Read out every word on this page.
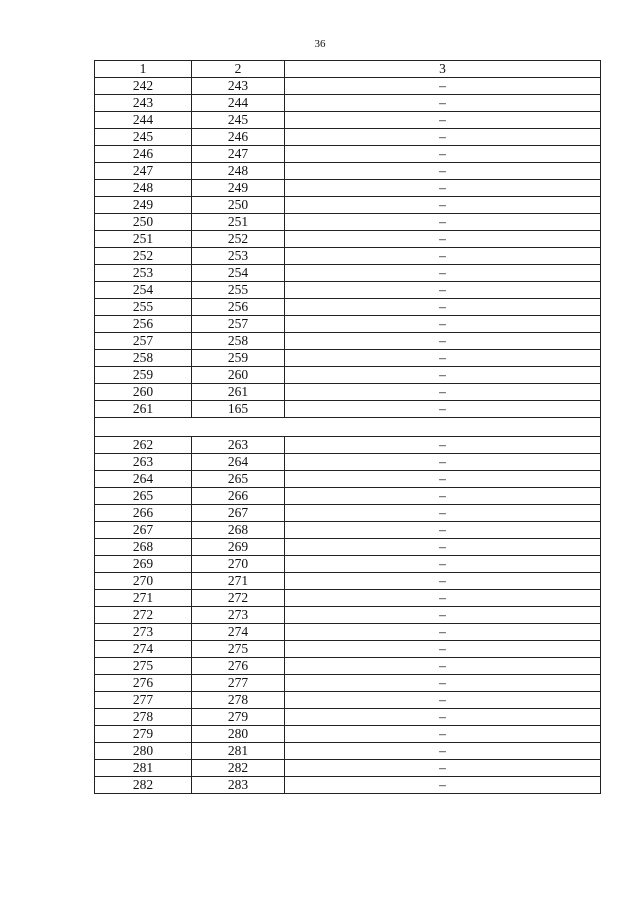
36
1	2	3
242	243	–
243	244	–
244	245	–
245	246	–
246	247	–
247	248	–
248	249	–
249	250	–
250	251	–
251	252	–
252	253	–
253	254	–
254	255	–
255	256	–
256	257	–
257	258	–
258	259	–
259	260	–
260	261	–
261	165	–

262	263	–
263	264	–
264	265	–
265	266	–
266	267	–
267	268	–
268	269	–
269	270	–
270	271	–
271	272	–
272	273	–
273	274	–
274	275	–
275	276	–
276	277	–
277	278	–
278	279	–
279	280	–
280	281	–
281	282	–
282	283	–
